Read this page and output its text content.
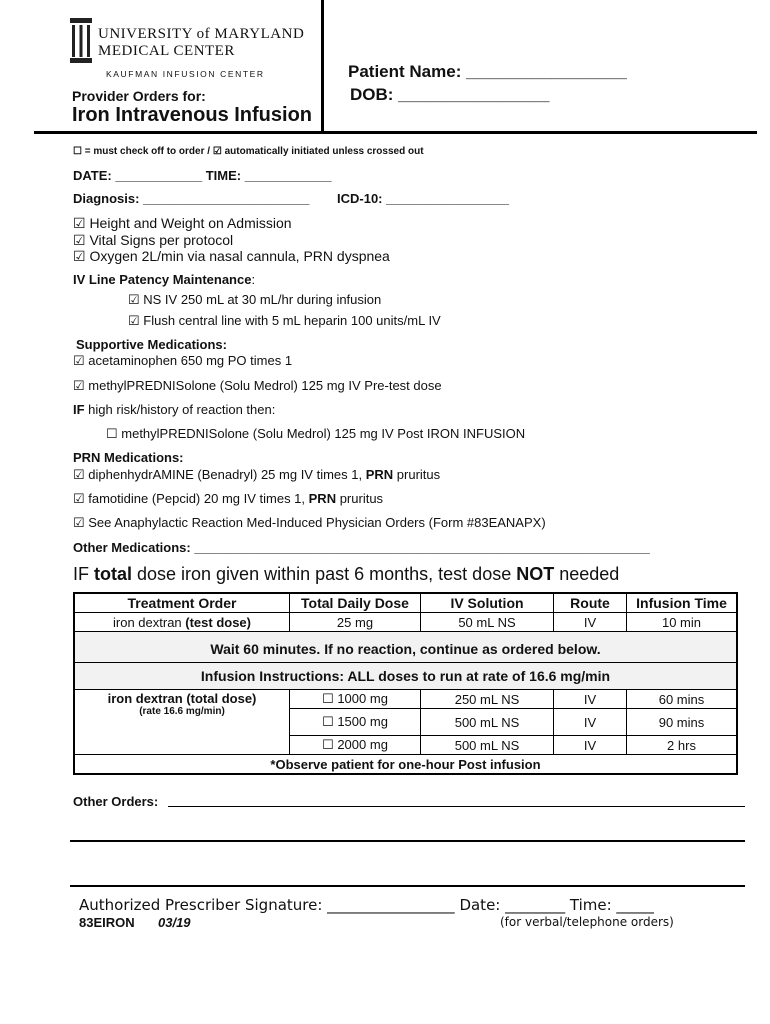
UNIVERSITY of MARYLAND
MEDICAL CENTER
KAUFMAN INFUSION CENTER
Provider Orders for:
Iron Intravenous Infusion
Patient Name: _________________
DOB: ________________
☐ = must check off to order / ☑ automatically initiated unless crossed out
DATE: ____________ TIME: ____________
Diagnosis: _______________________ ICD-10: _________________
☑ Height and Weight on Admission
☑ Vital Signs per protocol
☑ Oxygen 2L/min via nasal cannula, PRN dyspnea
IV Line Patency Maintenance:
☑ NS IV 250 mL at 30 mL/hr during infusion
☑ Flush central line with 5 mL heparin 100 units/mL IV
Supportive Medications:
☑ acetaminophen 650 mg PO times 1
☑ methylPREDNISolone (Solu Medrol) 125 mg IV Pre-test dose
IF high risk/history of reaction then:
☐ methylPREDNISolone (Solu Medrol) 125 mg IV Post IRON INFUSION
PRN Medications:
☑ diphenhydrAMINE (Benadryl) 25 mg IV times 1, PRN pruritus
☑ famotidine (Pepcid) 20 mg IV times 1, PRN pruritus
☑ See Anaphylactic Reaction Med-Induced Physician Orders (Form #83EANAPX)
Other Medications: _______________________________________________________________
IF total dose iron given within past 6 months, test dose NOT needed
Treatment Order	Total Daily Dose	IV Solution	Route	Infusion Time
iron dextran (test dose)	25 mg	50 mL NS	IV	10 min
Wait 60 minutes. If no reaction, continue as ordered below.				
Infusion Instructions: ALL doses to run at rate of 16.6 mg/min				

iron dextran (total dose)
(rate 16.6 mg/min)	☐ 1000 mg	250 mL NS	IV	60 mins
	☐ 1500 mg	500 mL NS	IV	90 mins
	☐ 2000 mg	500 mL NS	IV	2 hrs
*Observe patient for one-hour Post infusion				
Other Orders:
Authorized Prescriber Signature: _________________ Date: ________ Time: _____
83EIRON 03/19	(for verbal/telephone orders)
